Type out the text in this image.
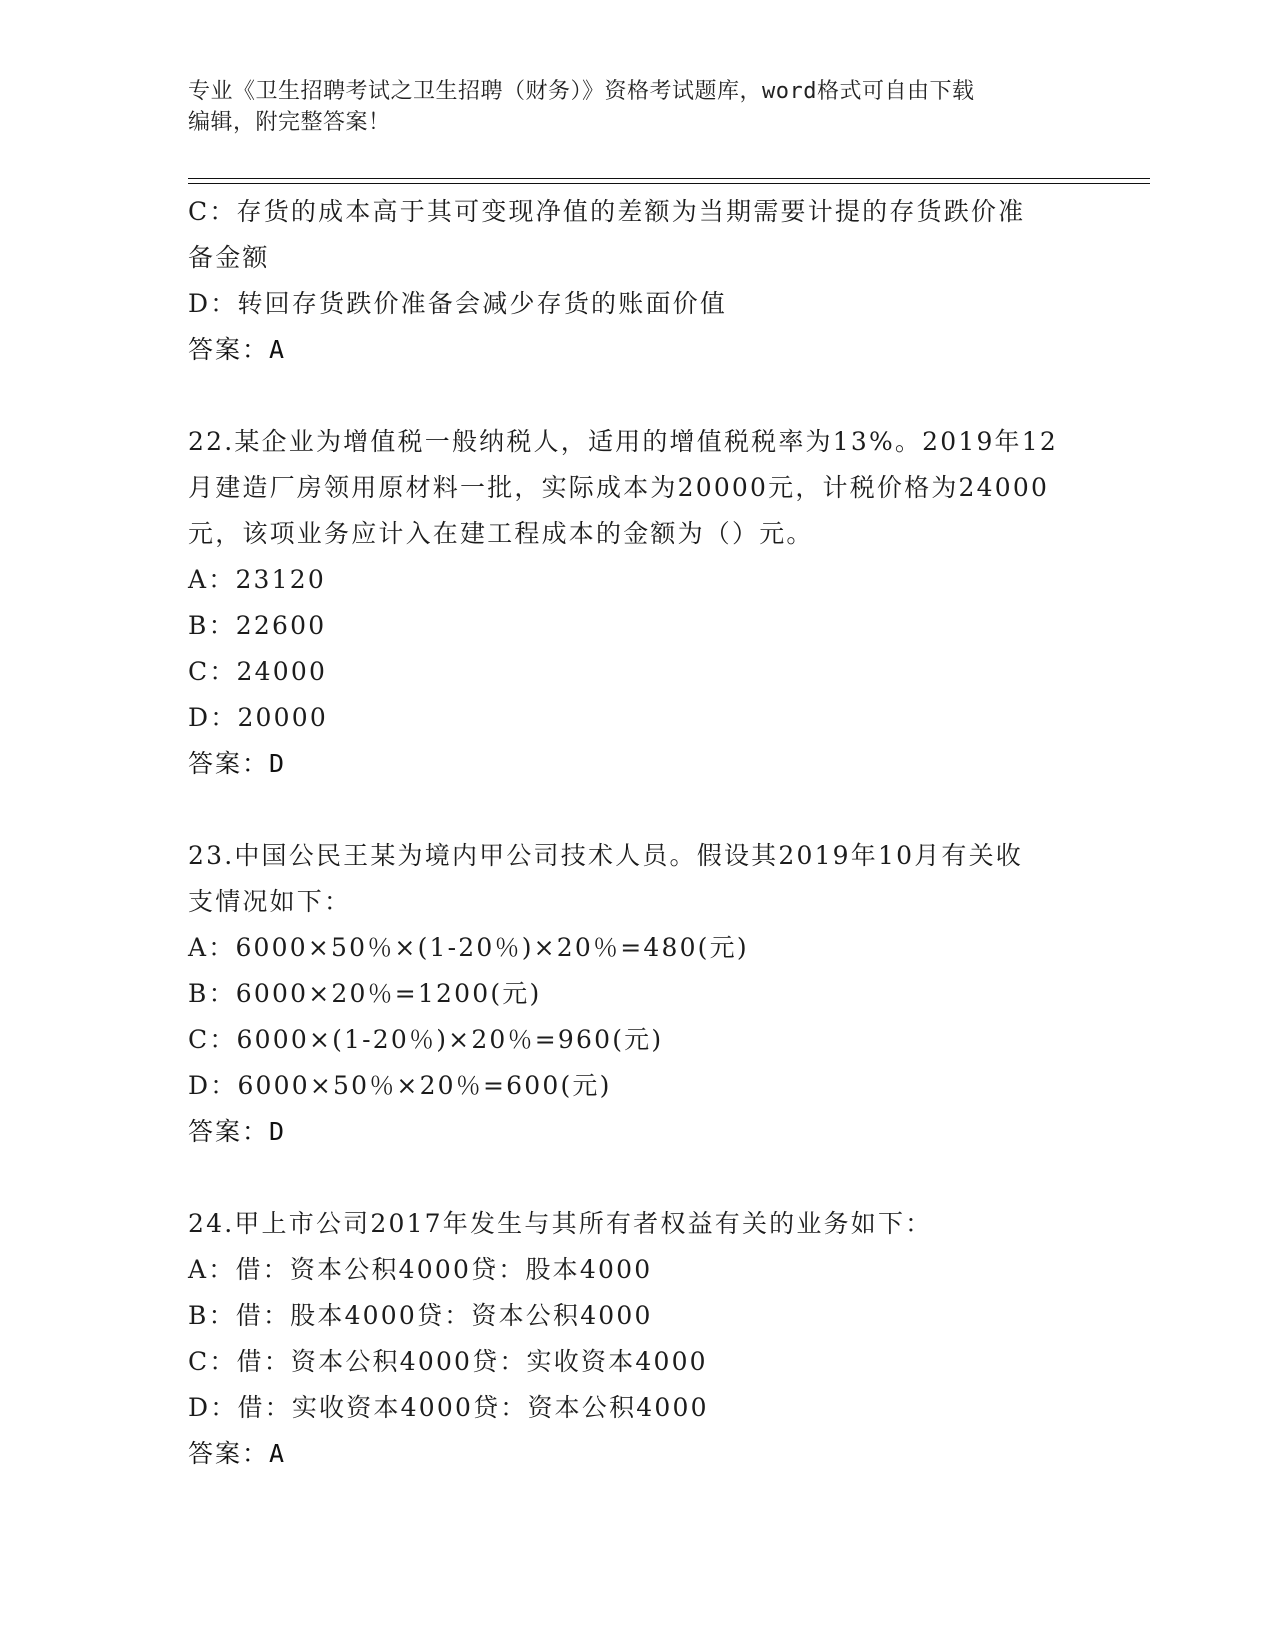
专业《卫生招聘考试之卫生招聘（财务）》资格考试题库，word格式可自由下载
编辑，附完整答案！
C：存货的成本高于其可变现净值的差额为当期需要计提的存货跌价准
备金额
D：转回存货跌价准备会减少存货的账面价值
答案：A
22.某企业为增值税一般纳税人，适用的增值税税率为13%。2019年12
月建造厂房领用原材料一批，实际成本为20000元，计税价格为24000
元，该项业务应计入在建工程成本的金额为（）元。
A：23120
B：22600
C：24000
D：20000
答案：D
23.中国公民王某为境内甲公司技术人员。假设其2019年10月有关收
支情况如下：
A：6000×50％×(1-20％)×20％=480(元)
B：6000×20％=1200(元)
C：6000×(1-20％)×20％=960(元)
D：6000×50％×20％=600(元)
答案：D
24.甲上市公司2017年发生与其所有者权益有关的业务如下：
A：借：资本公积4000贷：股本4000
B：借：股本4000贷：资本公积4000
C：借：资本公积4000贷：实收资本4000
D：借：实收资本4000贷：资本公积4000
答案：A
